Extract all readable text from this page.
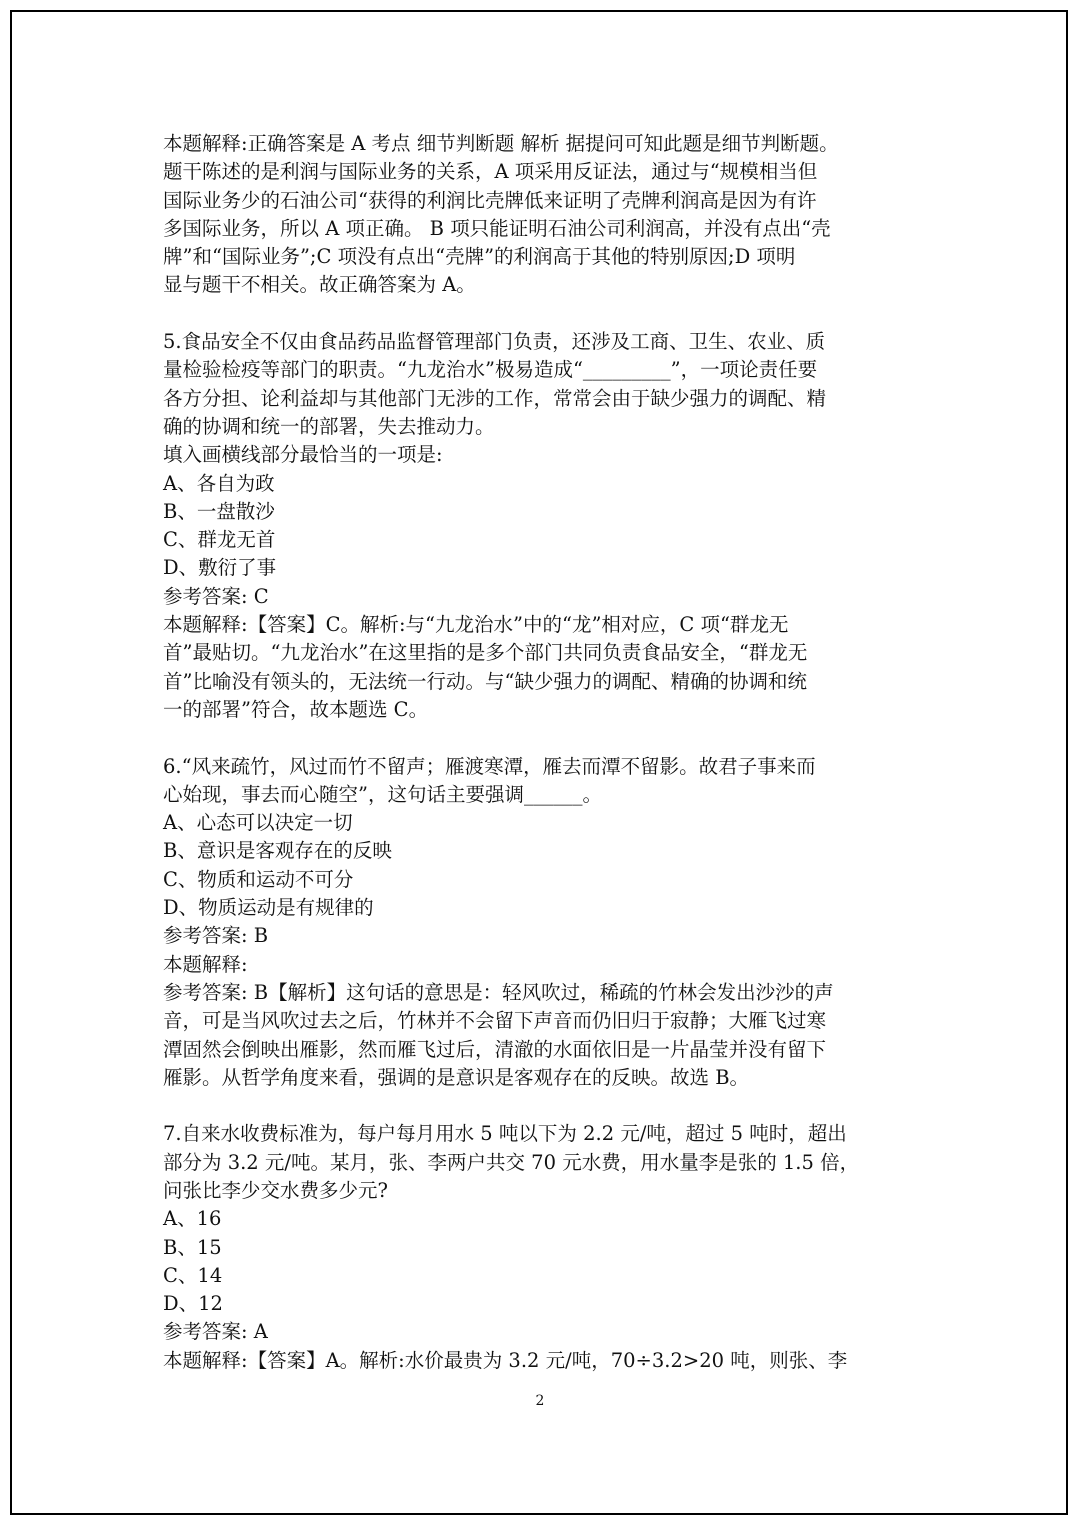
本题解释:正确答案是 A 考点 细节判断题 解析 据提问可知此题是细节判断题。
题干陈述的是利润与国际业务的关系，A 项采用反证法，通过与“规模相当但
国际业务少的石油公司“获得的利润比壳牌低来证明了壳牌利润高是因为有许
多国际业务，所以 A 项正确。 B 项只能证明石油公司利润高，并没有点出“壳
牌”和“国际业务”;C 项没有点出“壳牌”的利润高于其他的特别原因;D 项明
显与题干不相关。故正确答案为 A。
5.食品安全不仅由食品药品监督管理部门负责，还涉及工商、卫生、农业、质
量检验检疫等部门的职责。“九龙治水”极易造成“_________”，一项论责任要
各方分担、论利益却与其他部门无涉的工作，常常会由于缺少强力的调配、精
确的协调和统一的部署，失去推动力。
填入画横线部分最恰当的一项是:
A、各自为政
B、一盘散沙
C、群龙无首
D、敷衍了事
参考答案: C
本题解释:【答案】C。解析:与“九龙治水”中的“龙”相对应，C 项“群龙无
首”最贴切。“九龙治水”在这里指的是多个部门共同负责食品安全，“群龙无
首”比喻没有领头的，无法统一行动。与“缺少强力的调配、精确的协调和统
一的部署”符合，故本题选 C。
6.“风来疏竹，风过而竹不留声；雁渡寒潭，雁去而潭不留影。故君子事来而
心始现，事去而心随空”，这句话主要强调______。
A、心态可以决定一切
B、意识是客观存在的反映
C、物质和运动不可分
D、物质运动是有规律的
参考答案: B
本题解释:
参考答案: B【解析】这句话的意思是：轻风吹过，稀疏的竹林会发出沙沙的声
音，可是当风吹过去之后，竹林并不会留下声音而仍旧归于寂静；大雁飞过寒
潭固然会倒映出雁影，然而雁飞过后，清澈的水面依旧是一片晶莹并没有留下
雁影。从哲学角度来看，强调的是意识是客观存在的反映。故选 B。
7.自来水收费标准为，每户每月用水 5 吨以下为 2.2 元/吨，超过 5 吨时，超出
部分为 3.2 元/吨。某月，张、李两户共交 70 元水费，用水量李是张的 1.5 倍，
问张比李少交水费多少元?
A、16
B、15
C、14
D、12
参考答案: A
本题解释:【答案】A。解析:水价最贵为 3.2 元/吨，70÷3.2>20 吨，则张、李
2
